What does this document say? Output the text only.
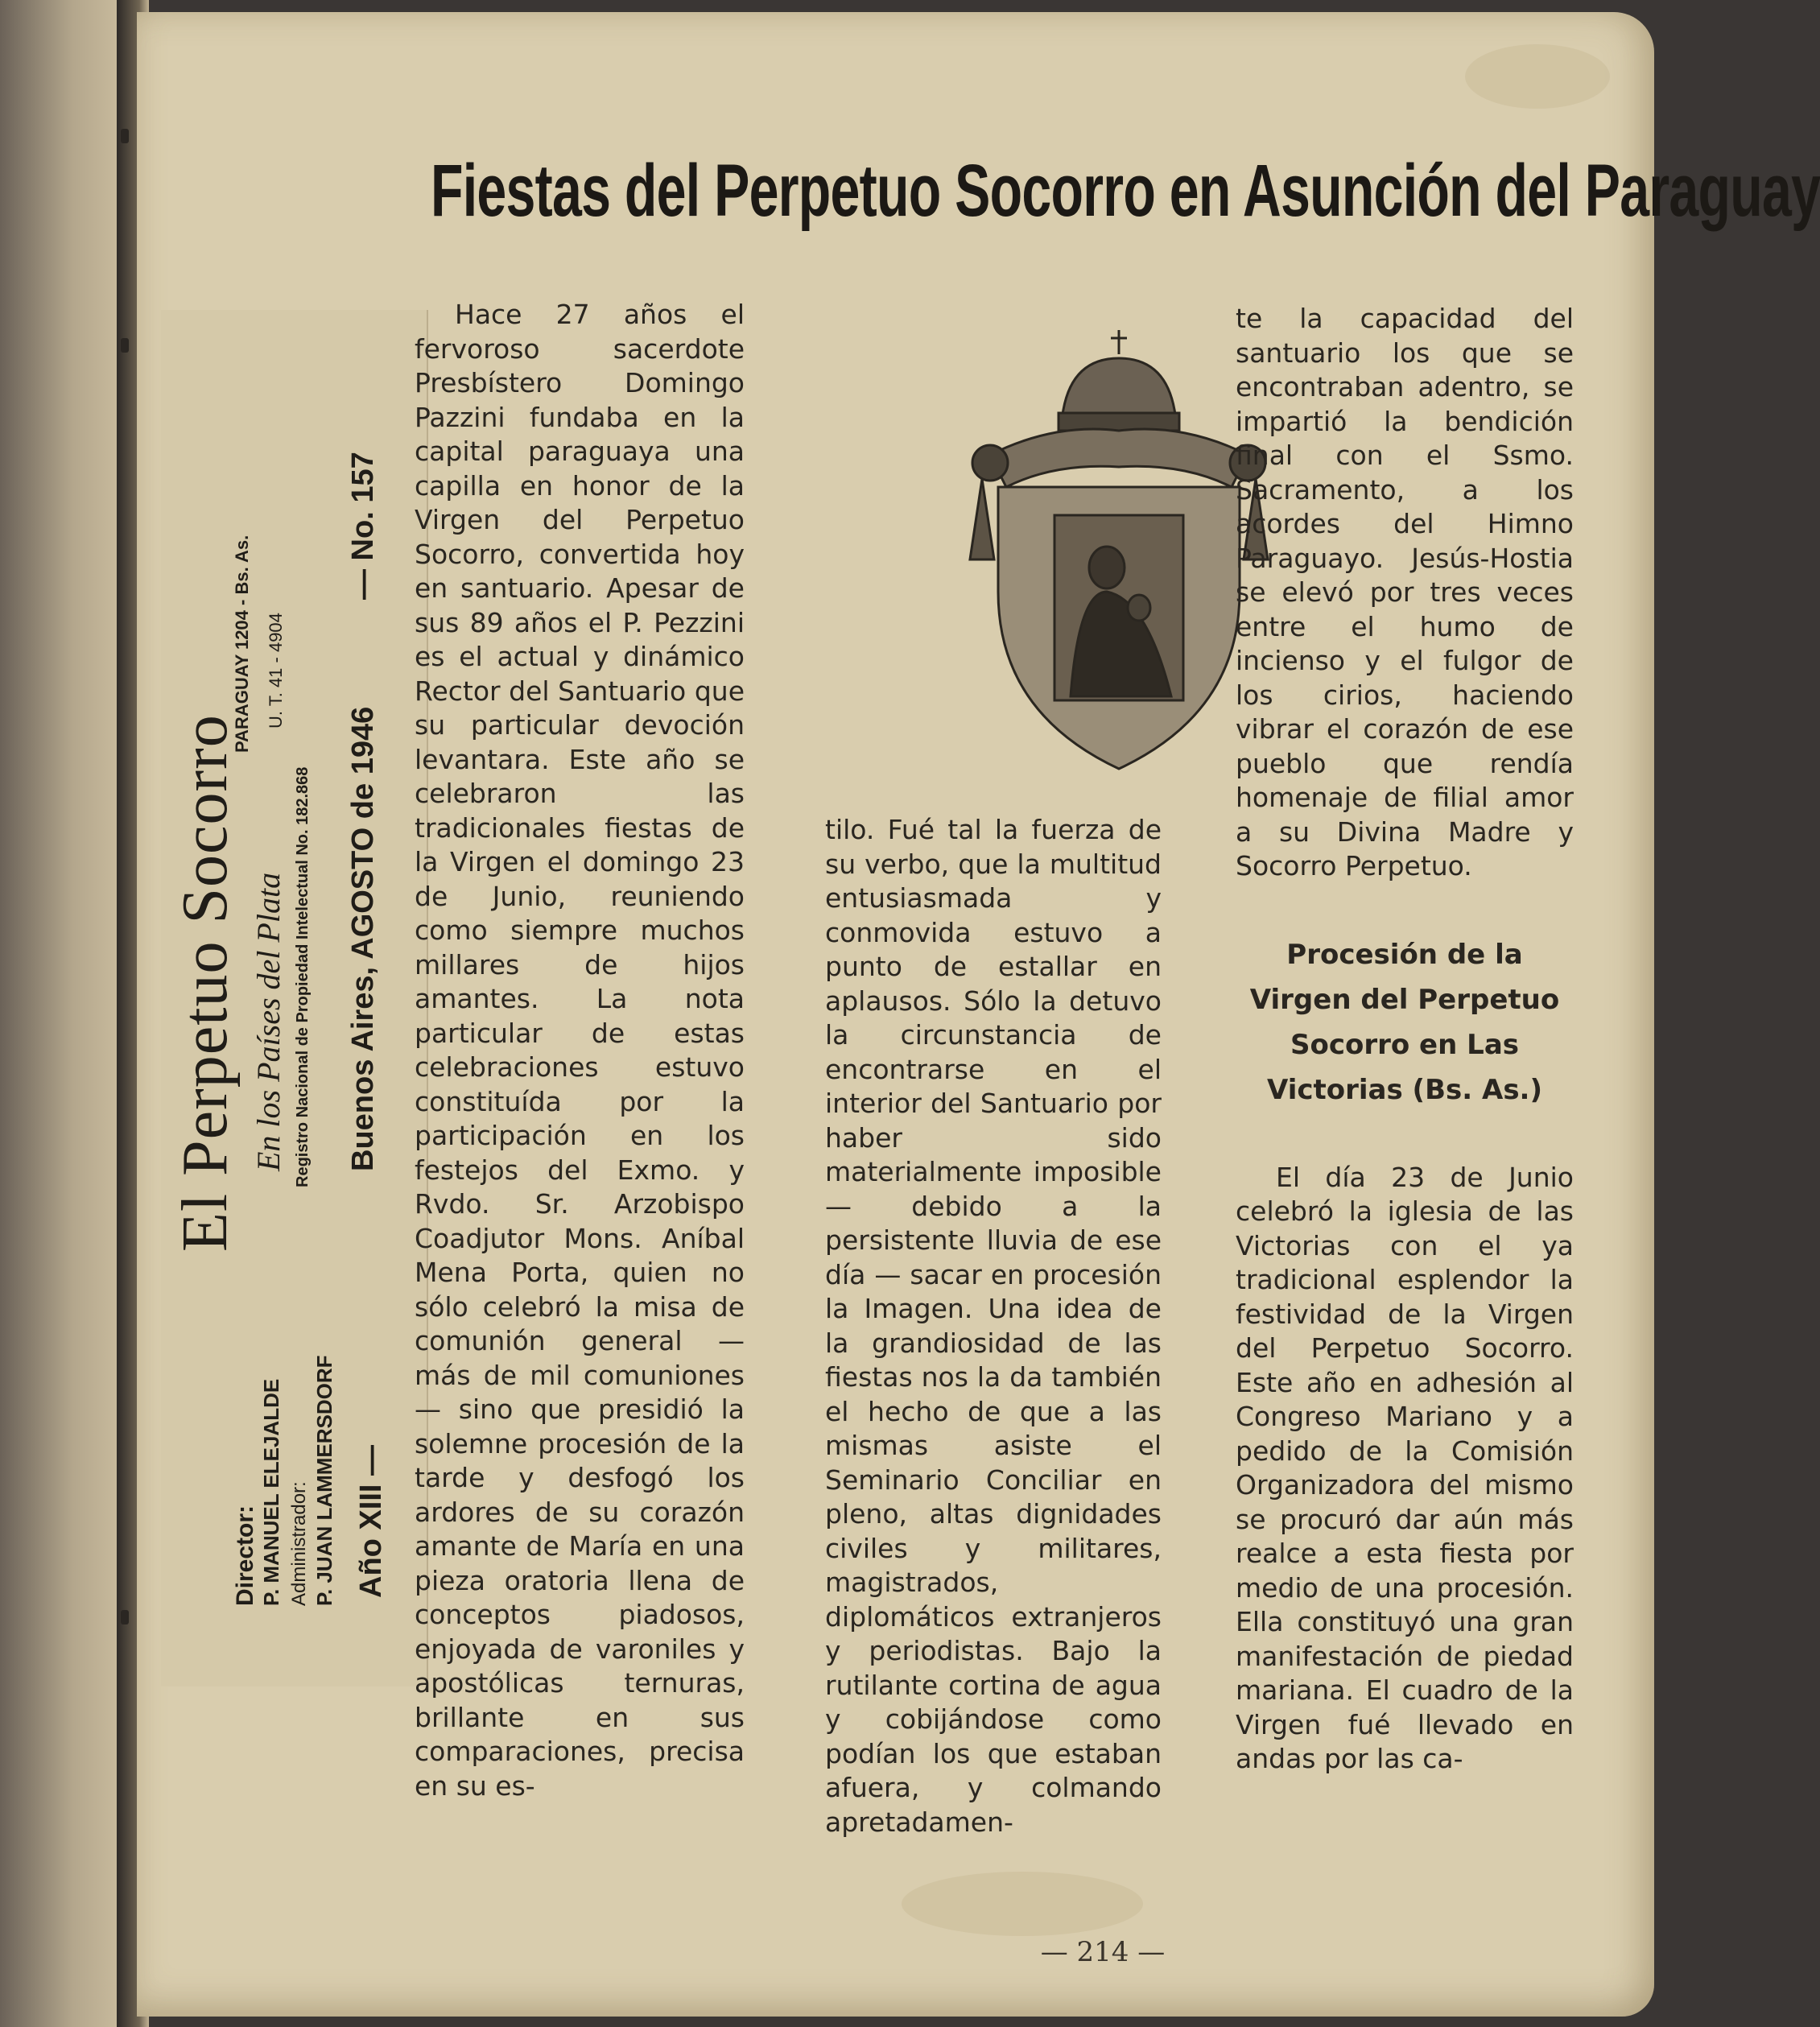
Fiestas del Perpetuo Socorro en Asunción del Paraguay
Director: P. MANUEL ELEJALDE Administrador: P. JUAN LAMMERSDORF Año XIII —
El Perpetuo Socorro En los Países del Plata Registro Nacional de Propiedad Intelectual No. 182.868 Buenos Aires, AGOSTO de 1946
PARAGUAY 1204 - Bs. As. U. T. 41 - 4904
— No. 157

Hace 27 años el fervoroso sacerdote Presbístero Domingo Pazzini fundaba en la capital paraguaya una capilla en honor de la Virgen del Perpetuo Socorro, convertida hoy en santuario. Apesar de sus 89 años el P. Pezzini es el actual y dinámico Rector del Santuario que su particular devoción levantara. Este año se celebraron las tradicionales fiestas de la Virgen el domingo 23 de Junio, reuniendo como siempre muchos millares de hijos amantes. La nota particular de estas celebraciones estuvo constituída por la participación en los festejos del Exmo. y Rvdo. Sr. Arzobispo Coadjutor Mons. Aníbal Mena Porta, quien no sólo celebró la misa de comunión general — más de mil comuniones — sino que presidió la solemne procesión de la tarde y desfogó los ardores de su corazón amante de María en una pieza oratoria llena de conceptos piadosos, enjoyada de varoniles y apostólicas ternuras, brillante en sus comparaciones, precisa en su es-

tilo. Fué tal la fuerza de su verbo, que la multitud entusiasmada y conmovida estuvo a punto de estallar en aplausos. Sólo la detuvo la circunstancia de encontrarse en el interior del Santuario por haber sido materialmente imposible — debido a la persistente lluvia de ese día — sacar en procesión la Imagen. Una idea de la grandiosidad de las fiestas nos la da también el hecho de que a las mismas asiste el Seminario Conciliar en pleno, altas dignidades civiles y militares, magistrados, diplomáticos extranjeros y periodistas. Bajo la rutilante cortina de agua y cobijándose como podían los que estaban afuera, y colmando apretadamen-

te la capacidad del santuario los que se encontraban adentro, se impartió la bendición final con el Ssmo. Sacramento, a los acordes del Himno Paraguayo. Jesús-Hostia se elevó por tres veces entre el humo de incienso y el fulgor de los cirios, haciendo vibrar el corazón de ese pueblo que rendía homenaje de filial amor a su Divina Madre y Socorro Perpetuo.

Procesión de la Virgen del Perpetuo Socorro en Las Victorias (Bs. As.)

El día 23 de Junio celebró la iglesia de las Victorias con el ya tradicional esplendor la festividad de la Virgen del Perpetuo Socorro. Este año en adhesión al Congreso Mariano y a pedido de la Comisión Organizadora del mismo se procuró dar aún más realce a esta fiesta por medio de una procesión. Ella constituyó una gran manifestación de piedad mariana. El cuadro de la Virgen fué llevado en andas por las ca-

— 214 —
